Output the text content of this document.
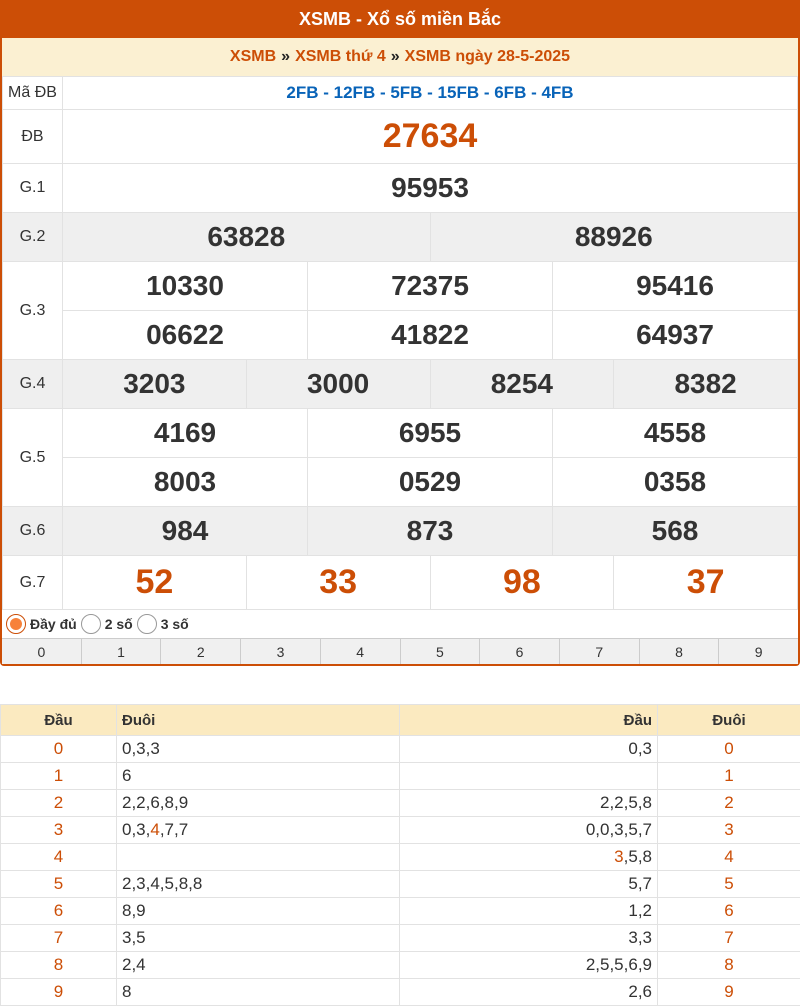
XSMB - Xổ số miền Bắc
XSMB » XSMB thứ 4 » XSMB ngày 28-5-2025
Mã ĐB	2FB - 12FB - 5FB - 15FB - 6FB - 4FB					
ĐB	27634					
G.1	95953					
G.2	63828			88926		
G.3	10330		72375		95416	
	06622		41822		64937	
G.4	3203	3000		8254		8382
G.5	4169		6955		4558	
	8003		0529		0358	
G.6	984		873		568	
G.7	52	33		98		37
Đầy đủ 2 số 3 số
0	1	2	3	4	5	6	7	8	9
Đầu	Đuôi	Đầu	Đuôi
0	0,3,3	0,3	0
1	6		1
2	2,2,6,8,9	2,2,5,8	2
3	0,3,4,7,7	0,0,3,5,7	3
4		3,5,8	4
5	2,3,4,5,8,8	5,7	5
6	8,9	1,2	6
7	3,5	3,3	7
8	2,4	2,5,5,6,9	8
9	8	2,6	9
